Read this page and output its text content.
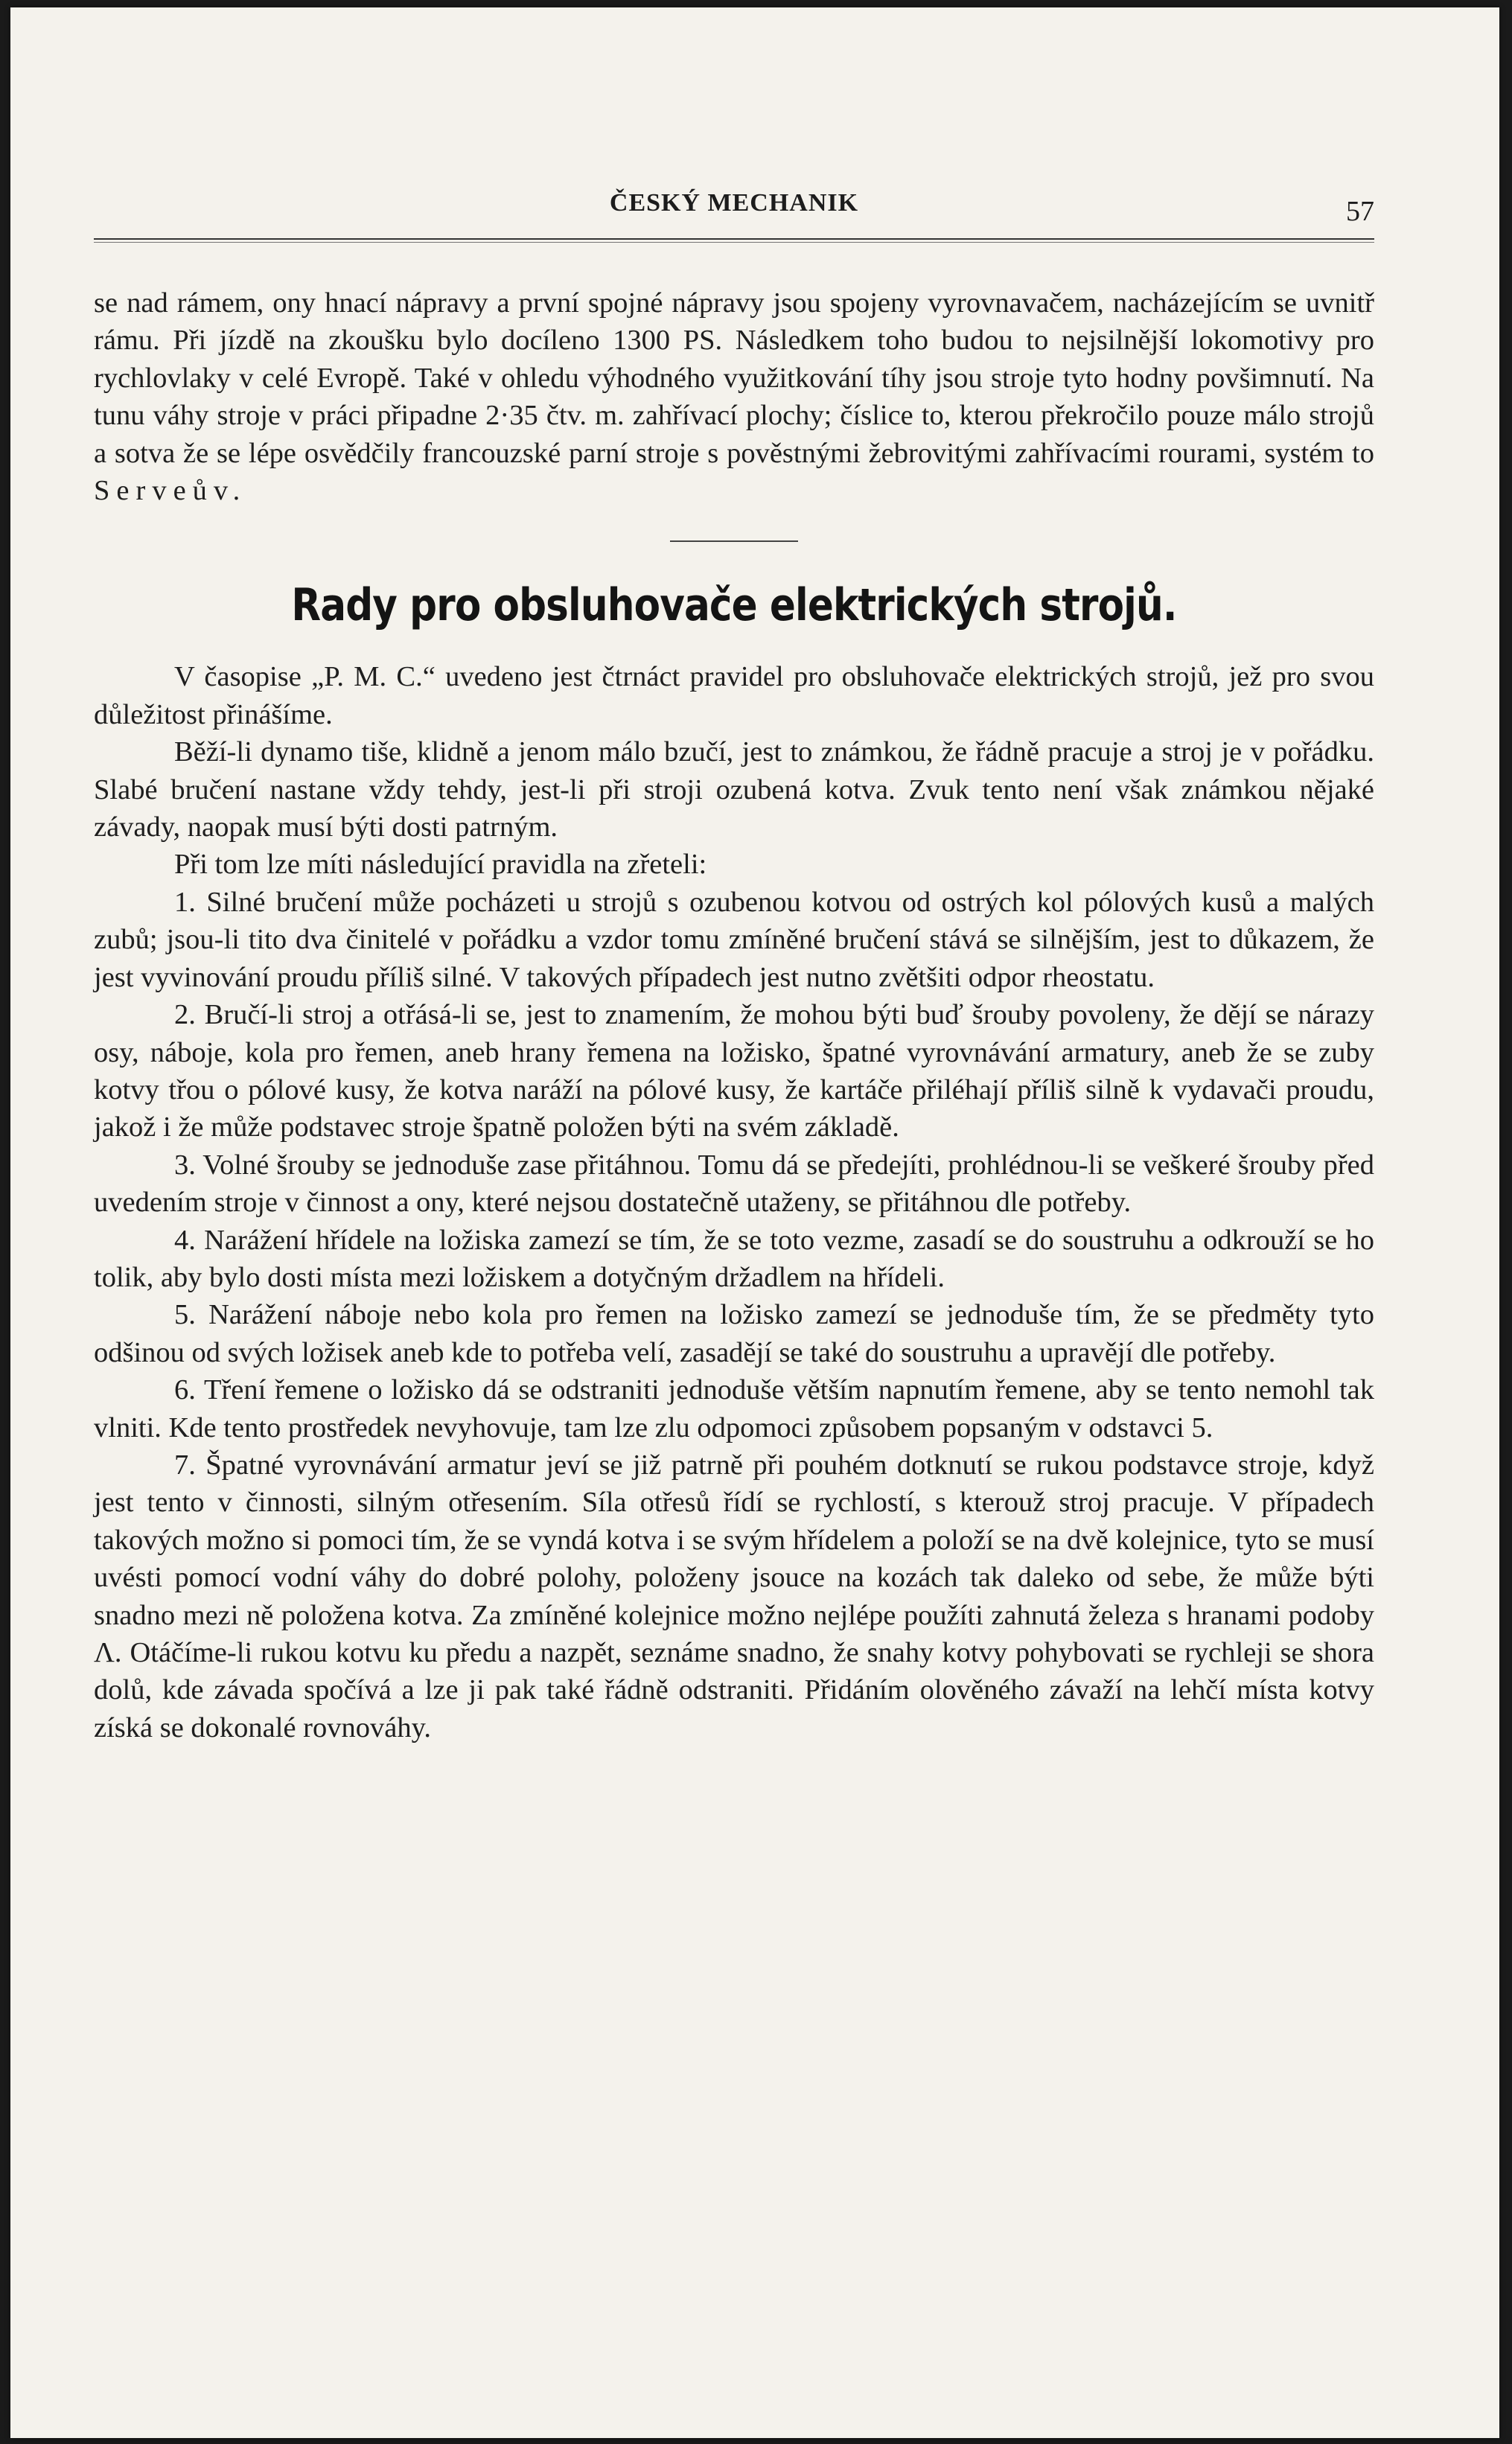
ČESKÝ MECHANIK	57

se nad rámem, ony hnací nápravy a první spojné nápravy jsou spojeny vyrovnavačem, nacházejícím se uvnitř rámu. Při jízdě na zkoušku bylo docíleno 1300 PS. Následkem toho budou to nejsilnější lokomotivy pro rychlovlaky v celé Evropě. Také v ohledu výhodného využitkování tíhy jsou stroje tyto hodny povšimnutí. Na tunu váhy stroje v práci připadne 2·35 čtv. m. zahřívací plochy; číslice to, kterou překročilo pouze málo strojů a sotva že se lépe osvědčily francouzské parní stroje s pověstnými žebrovitými zahřívacími rourami, systém to Serveův.

Rady pro obsluhovače elektrických strojů.

V časopise „P. M. C.“ uvedeno jest čtrnáct pravidel pro obsluhovače elektrických strojů, jež pro svou důležitost přinášíme.

Běží-li dynamo tiše, klidně a jenom málo bzučí, jest to známkou, že řádně pracuje a stroj je v pořádku. Slabé bručení nastane vždy tehdy, jest-li při stroji ozubená kotva. Zvuk tento není však známkou nějaké závady, naopak musí býti dosti patrným.

Při tom lze míti následující pravidla na zřeteli:

1. Silné bručení může pocházeti u strojů s ozubenou kotvou od ostrých kol pólových kusů a malých zubů; jsou-li tito dva činitelé v pořádku a vzdor tomu zmíněné bručení stává se silnějším, jest to důkazem, že jest vyvinování proudu příliš silné. V takových případech jest nutno zvětšiti odpor rheostatu.

2. Bručí-li stroj a otřásá-li se, jest to znamením, že mohou býti buď šrouby povoleny, že dějí se nárazy osy, náboje, kola pro řemen, aneb hrany řemena na ložisko, špatné vyrovnávání armatury, aneb že se zuby kotvy třou o pólové kusy, že kotva naráží na pólové kusy, že kartáče přiléhají příliš silně k vydavači proudu, jakož i že může podstavec stroje špatně položen býti na svém základě.

3. Volné šrouby se jednoduše zase přitáhnou. Tomu dá se předejíti, prohlédnou-li se veškeré šrouby před uvedením stroje v činnost a ony, které nejsou dostatečně utaženy, se přitáhnou dle potřeby.

4. Narážení hřídele na ložiska zamezí se tím, že se toto vezme, zasadí se do soustruhu a odkrouží se ho tolik, aby bylo dosti místa mezi ložiskem a dotyčným držadlem na hřídeli.

5. Narážení náboje nebo kola pro řemen na ložisko zamezí se jednoduše tím, že se předměty tyto odšinou od svých ložisek aneb kde to potřeba velí, zasadějí se také do soustruhu a upravějí dle potřeby.

6. Tření řemene o ložisko dá se odstraniti jednoduše větším napnutím řemene, aby se tento nemohl tak vlniti. Kde tento prostředek nevyhovuje, tam lze zlu odpomoci způsobem popsaným v odstavci 5.

7. Špatné vyrovnávání armatur jeví se již patrně při pouhém dotknutí se rukou podstavce stroje, když jest tento v činnosti, silným otřesením. Síla otřesů řídí se rychlostí, s kterouž stroj pracuje. V případech takových možno si pomoci tím, že se vyndá kotva i se svým hřídelem a položí se na dvě kolejnice, tyto se musí uvésti pomocí vodní váhy do dobré polohy, položeny jsouce na kozách tak daleko od sebe, že může býti snadno mezi ně položena kotva. Za zmíněné kolejnice možno nejlépe použíti zahnutá železa s hranami podoby Λ. Otáčíme-li rukou kotvu ku předu a nazpět, seznáme snadno, že snahy kotvy pohybovati se rychleji se shora dolů, kde závada spočívá a lze ji pak také řádně odstraniti. Přidáním olověného závaží na lehčí místa kotvy získá se dokonalé rovnováhy.
